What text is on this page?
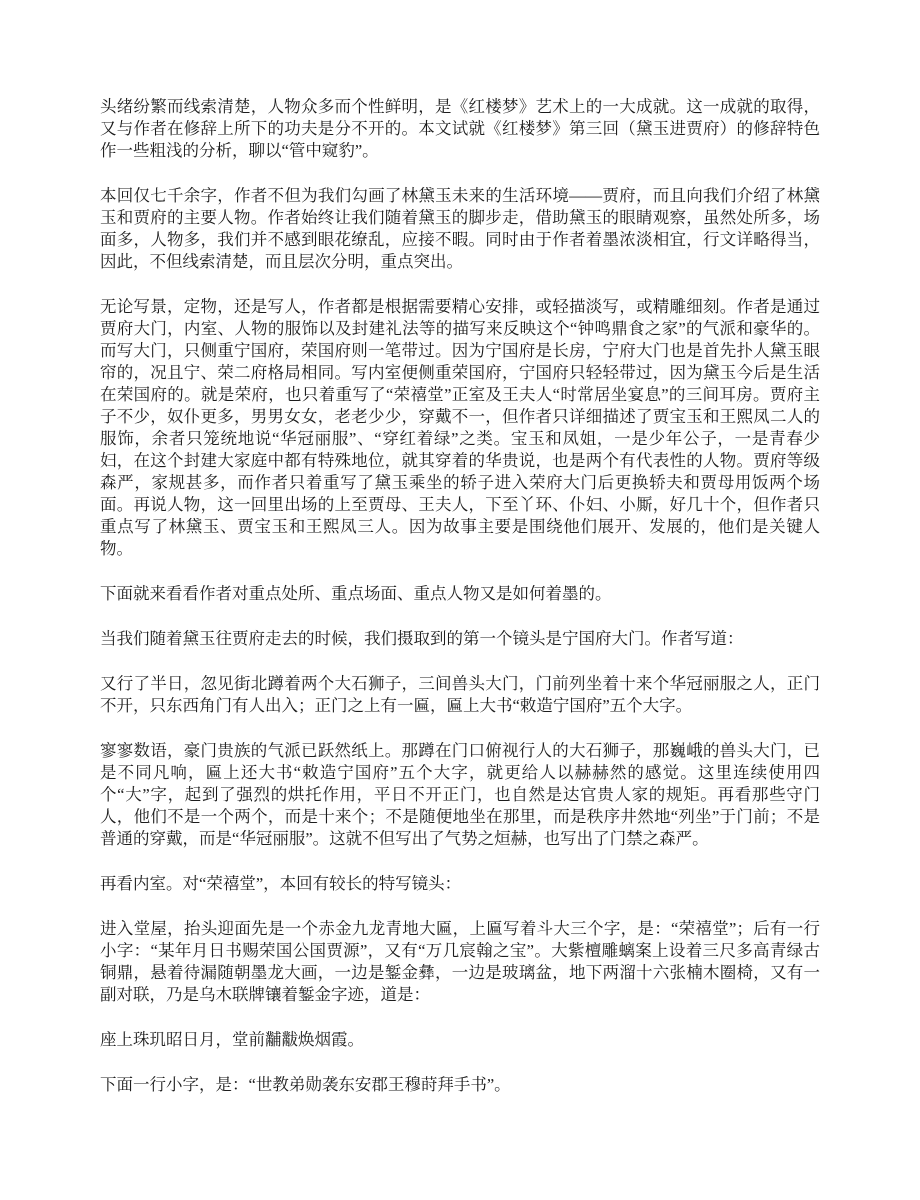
头绪纷繁而线索清楚，人物众多而个性鲜明，是《红楼梦》艺术上的一大成就。这一成就的取得，又与作者在修辞上所下的功夫是分不开的。本文试就《红楼梦》第三回（黛玉进贾府）的修辞特色作一些粗浅的分析，聊以“管中窥豹”。

本回仅七千余字，作者不但为我们勾画了林黛玉未来的生活环境——贾府，而且向我们介绍了林黛玉和贾府的主要人物。作者始终让我们随着黛玉的脚步走，借助黛玉的眼睛观察，虽然处所多，场面多，人物多，我们并不感到眼花缭乱，应接不暇。同时由于作者着墨浓淡相宜，行文详略得当，因此，不但线索清楚，而且层次分明，重点突出。

无论写景，定物，还是写人，作者都是根据需要精心安排，或轻描淡写，或精雕细刻。作者是通过贾府大门，内室、人物的服饰以及封建礼法等的描写来反映这个“钟鸣鼎食之家”的气派和豪华的。而写大门，只侧重宁国府，荣国府则一笔带过。因为宁国府是长房，宁府大门也是首先扑人黛玉眼帘的，况且宁、荣二府格局相同。写内室便侧重荣国府，宁国府只轻轻带过，因为黛玉今后是生活在荣国府的。就是荣府，也只着重写了“荣禧堂”正室及王夫人“时常居坐宴息”的三间耳房。贾府主子不少，奴仆更多，男男女女，老老少少，穿戴不一，但作者只详细描述了贾宝玉和王熙凤二人的服饰，余者只笼统地说“华冠丽服”、“穿红着绿”之类。宝玉和凤姐，一是少年公子，一是青春少妇，在这个封建大家庭中都有特殊地位，就其穿着的华贵说，也是两个有代表性的人物。贾府等级森严，家规甚多，而作者只着重写了黛玉乘坐的轿子进入荣府大门后更换轿夫和贾母用饭两个场面。再说人物，这一回里出场的上至贾母、王夫人，下至丫环、仆妇、小厮，好几十个，但作者只重点写了林黛玉、贾宝玉和王熙凤三人。因为故事主要是围绕他们展开、发展的，他们是关键人物。

下面就来看看作者对重点处所、重点场面、重点人物又是如何着墨的。

当我们随着黛玉往贾府走去的时候，我们摄取到的第一个镜头是宁国府大门。作者写道：

又行了半日，忽见街北蹲着两个大石狮子，三间兽头大门，门前列坐着十来个华冠丽服之人，正门不开，只东西角门有人出入；正门之上有一匾，匾上大书“敕造宁国府”五个大字。

寥寥数语，豪门贵族的气派已跃然纸上。那蹲在门口俯视行人的大石狮子，那巍峨的兽头大门，已是不同凡响，匾上还大书“敕造宁国府”五个大字，就更给人以赫赫然的感觉。这里连续使用四个“大”字，起到了强烈的烘托作用，平日不开正门，也自然是达官贵人家的规矩。再看那些守门人，他们不是一个两个，而是十来个；不是随便地坐在那里，而是秩序井然地“列坐”于门前；不是普通的穿戴，而是“华冠丽服”。这就不但写出了气势之烜赫，也写出了门禁之森严。

再看内室。对“荣禧堂”，本回有较长的特写镜头：

进入堂屋，抬头迎面先是一个赤金九龙青地大匾，上匾写着斗大三个字，是：“荣禧堂”；后有一行小字：“某年月日书赐荣国公国贾源”，又有“万几宸翰之宝”。大紫檀雕螭案上设着三尺多高青绿古铜鼎，悬着待漏随朝墨龙大画，一边是錾金彝，一边是玻璃盆，地下两溜十六张楠木圈椅，又有一副对联，乃是乌木联牌镶着錾金字迹，道是：

座上珠玑昭日月，堂前黼黻焕烟霞。

下面一行小字，是：“世教弟勋袭东安郡王穆莳拜手书”。
